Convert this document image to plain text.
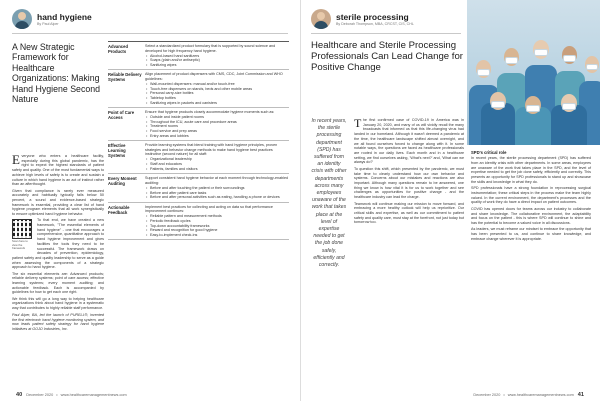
hand hygiene
By Paul Alper
A New Strategic Framework for Healthcare Organizations: Making Hand Hygiene Second Nature

Everyone who enters a healthcare facility, especially during this global pandemic, has the right to expect the highest standards of patient safety and quality. One of the most fundamental ways to achieve high levels of safety is to create and sustain a culture in which hand hygiene is an act of instinct rather than an afterthought.

Given that compliance is rarely ever measured accurately and habitually typically falls below 50 percent, a sound and evidence-based strategic framework is essential, providing a clear list of hand hygiene program elements that all work synergistically to ensure optimized hand hygiene behavior.

Scan here to view the framework

To that end, we have created a new framework, "The essential elements of hand hygiene" - one that encourages a comprehensive, quantitative approach to hand hygiene improvement and gives facilities the tools they need to be successful. The framework draws on decades of prevention, epidemiology, patient safety and quality leadership to serve as a guide when assessing the components of a strategic approach to hand hygiene.

The six essential elements are: Advanced products; reliable delivery systems; point of care access; effective learning systems; every moment auditing; and actionable feedback. Each is accompanied by guidelines for how to get each one right.

We think this will go a long way to helping healthcare organizations think about hand hygiene in a systematic way that contributes to highly reliable staff performance.

Paul Alper, BA, led the launch of PURELL®, invented the first electronic hand hygiene monitoring system, and now leads patient safety strategy for hand hygiene initiatives at GOJO Industries, Inc.

Advanced Products
Select a standardized product formulary that is supported by sound science and developed for high frequency hand hygiene.
• Alcohol-based hand sanitizers
• Soaps (plain and/or antiseptic)
• Sanitizing wipes
Reliable Delivery Systems
Align placement of product dispensers with CMS, CDC, Joint Commission and WHO guidelines:
• Wall-mounted dispensers: manual and/or touch-free
• Touch-free dispensers on stands, beds and other mobile areas
• Personal carry-size bottles
• Tabletop bottles
• Sanitizing wipes in packets and canisters
Point of Care Access
Ensure that hygiene products closely accommodate hygiene moments such as:
• Outside and inside patient rooms
• Throughout the ICU, acute care and procedure areas
• Treatment rooms
• Food service and prep areas
• Entry areas and lobbies
Effective Learning Systems
Provide learning systems that blend training with hand hygiene principles, proven strategies and behavior change methods to make hand hygiene best practices instinctive (second nature) for all staff:
• Organizational leadership
• Staff and educators
• Patients, families and visitors
Every Moment Auditing
Support consistent hand hygiene behavior at each moment through technology-enabled auditing:
• Before and after touching the patient or their surroundings
• Before and after patient care tasks
• Before and after personal activities such as eating, handling a phone or devices
Actionable Feedback
Implement best practices for collecting and acting on data so that performance improvement continues:
• Reliable pattern and measurement methods
• Periodic feedback cycles
• Top-down accountability frameworks
• Reward and recognition for good hygiene
• Easy-to-implement check-ins
40 December 2020 • www.healthcaremanagementnews.com
sterile processing
By Deborah Thompson, MBA, CRCST, CIS, CHL
Healthcare and Sterile Processing Professionals Can Lead Change for Positive Change
In recent years, the sterile processing department (SPD) has suffered from an identity crisis with other departments across many employees unaware of the work that takes place at the level of expertise needed to get the job done safely, efficiently and correctly.

The first confirmed case of COVID-19 in America was in January 20, 2020, and many of us will vividly recall the many broadcasts that informed us that this life-changing virus had landed in our homeland. Although it wasn't deemed a pandemic at the time, the healthcare landscape shifted almost overnight, and we all found ourselves forced to change along with it. In some notable ways, the questions we faced as healthcare professionals are rooted in our daily lives. Each month and in a healthcare setting, we find ourselves asking, 'What's next?' and, 'What can we always do?'

To question this shift, which presented by the pandemic, we must take time to clearly understand how our own behavior and systems. Concerns about our mistakes and reactions are also important. Although many questions remain to be answered, one thing we know is how vital it is for us to work together and see challenges as opportunities for positive change - and the healthcare industry can lead the charge.

Teamwork will continue making our mission to move forward, and embracing a more healthy outlook will help us reprioritize. Our critical skills and expertise, as well as our commitment to patient safety and quality care, must stay at the forefront, not just today but tomorrow too.

SPD's critical role

In recent years, the sterile processing department (SPD) has suffered from an identity crisis with other departments. In some areas, employees are unaware of the work that takes place in the SPD, and the level of expertise needed to get the job done safely, efficiently and correctly. This presents an opportunity for SPD professionals to stand up and showcase the skills and knowledge in what they do.

SPD professionals have a strong foundation in reprocessing surgical instrumentation; these critical steps in the process make the team highly valued. In the current environment, the department's processes and the quality of work they do have a direct impact on patient outcomes.

COVID has opened doors for teams across our industry to collaborate and share knowledge. The collaborative environment, the adaptability and focus on the patient - this is where SPD will continue to shine and has the potential to become a valued voice in all discussions.

As leaders, we must reframe our mindset to embrace the opportunity that has been presented to us, and continue to share knowledge, and embrace change wherever it is appropriate.

December 2020 • www.healthcaremanagementnews.com 41
